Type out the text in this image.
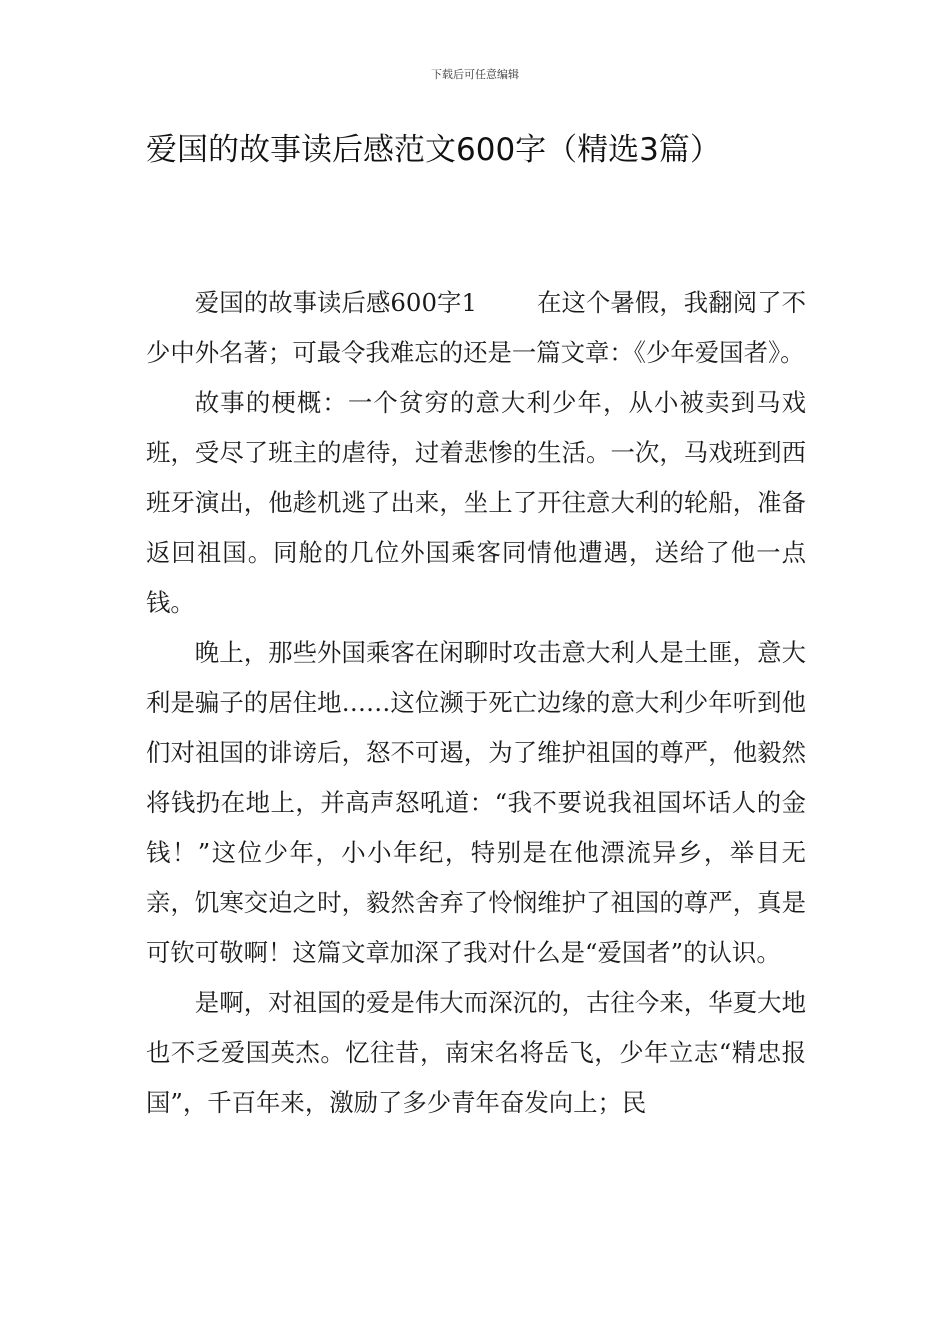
下载后可任意编辑
爱国的故事读后感范文600字（精选3篇）

爱国的故事读后感600字1 在这个暑假，我翻阅了不少中外名著；可最令我难忘的还是一篇文章：《少年爱国者》。

故事的梗概：一个贫穷的意大利少年，从小被卖到马戏班，受尽了班主的虐待，过着悲惨的生活。一次，马戏班到西班牙演出，他趁机逃了出来，坐上了开往意大利的轮船，准备返回祖国。同舱的几位外国乘客同情他遭遇，送给了他一点钱。

晚上，那些外国乘客在闲聊时攻击意大利人是土匪，意大利是骗子的居住地……这位濒于死亡边缘的意大利少年听到他们对祖国的诽谤后，怒不可遏，为了维护祖国的尊严，他毅然将钱扔在地上，并高声怒吼道：“我不要说我祖国坏话人的金钱！”这位少年，小小年纪，特别是在他漂流异乡，举目无亲，饥寒交迫之时，毅然舍弃了怜悯维护了祖国的尊严，真是可钦可敬啊！这篇文章加深了我对什么是“爱国者”的认识。

是啊，对祖国的爱是伟大而深沉的，古往今来，华夏大地也不乏爱国英杰。忆往昔，南宋名将岳飞，少年立志“精忠报国”，千百年来，激励了多少青年奋发向上；民
